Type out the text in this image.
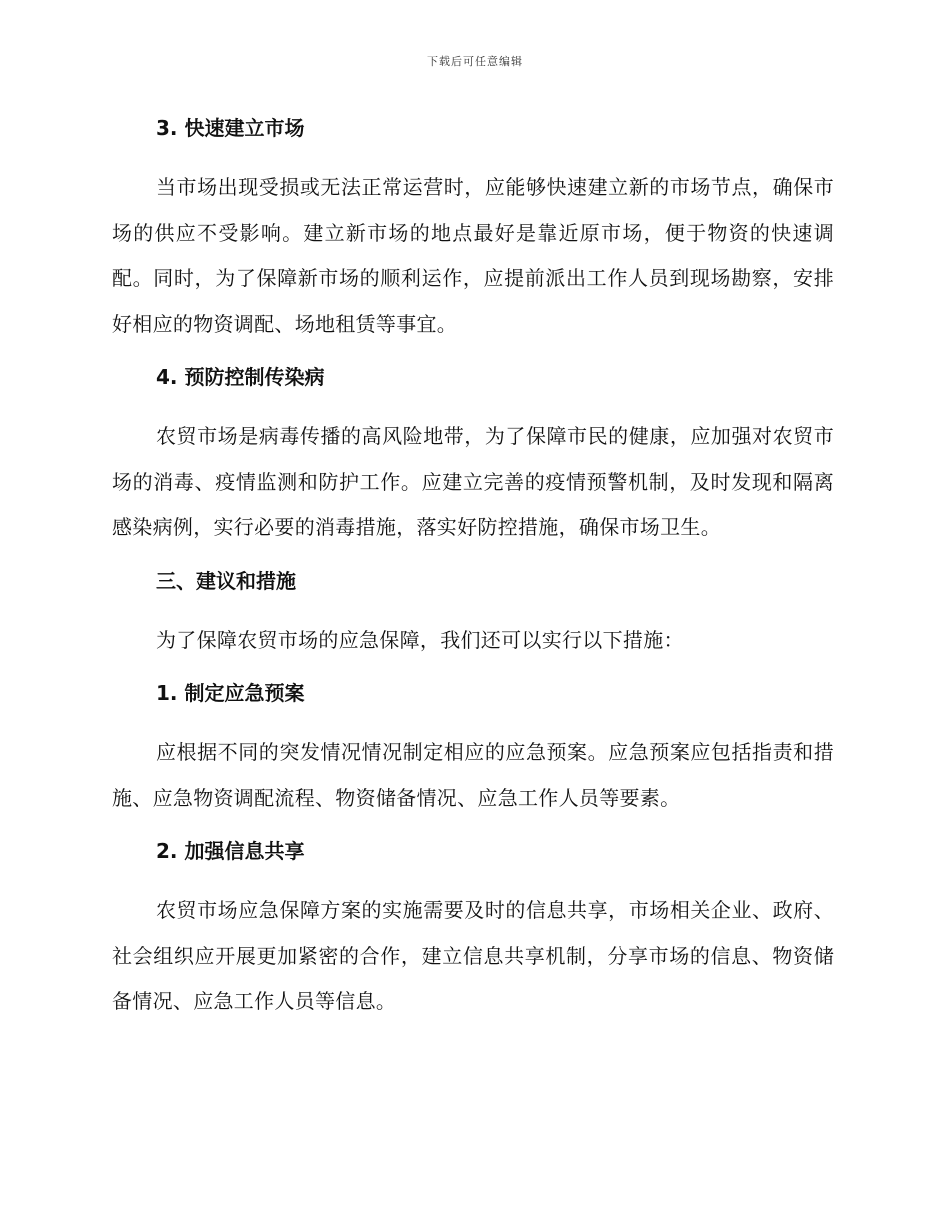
下载后可任意编辑
3. 快速建立市场

当市场出现受损或无法正常运营时，应能够快速建立新的市场节点，确保市场的供应不受影响。建立新市场的地点最好是靠近原市场，便于物资的快速调配。同时，为了保障新市场的顺利运作，应提前派出工作人员到现场勘察，安排好相应的物资调配、场地租赁等事宜。

4. 预防控制传染病

农贸市场是病毒传播的高风险地带，为了保障市民的健康，应加强对农贸市场的消毒、疫情监测和防护工作。应建立完善的疫情预警机制，及时发现和隔离感染病例，实行必要的消毒措施，落实好防控措施，确保市场卫生。

三、建议和措施

为了保障农贸市场的应急保障，我们还可以实行以下措施：

1. 制定应急预案

应根据不同的突发情况情况制定相应的应急预案。应急预案应包括指责和措施、应急物资调配流程、物资储备情况、应急工作人员等要素。

2. 加强信息共享

农贸市场应急保障方案的实施需要及时的信息共享，市场相关企业、政府、社会组织应开展更加紧密的合作，建立信息共享机制，分享市场的信息、物资储备情况、应急工作人员等信息。
